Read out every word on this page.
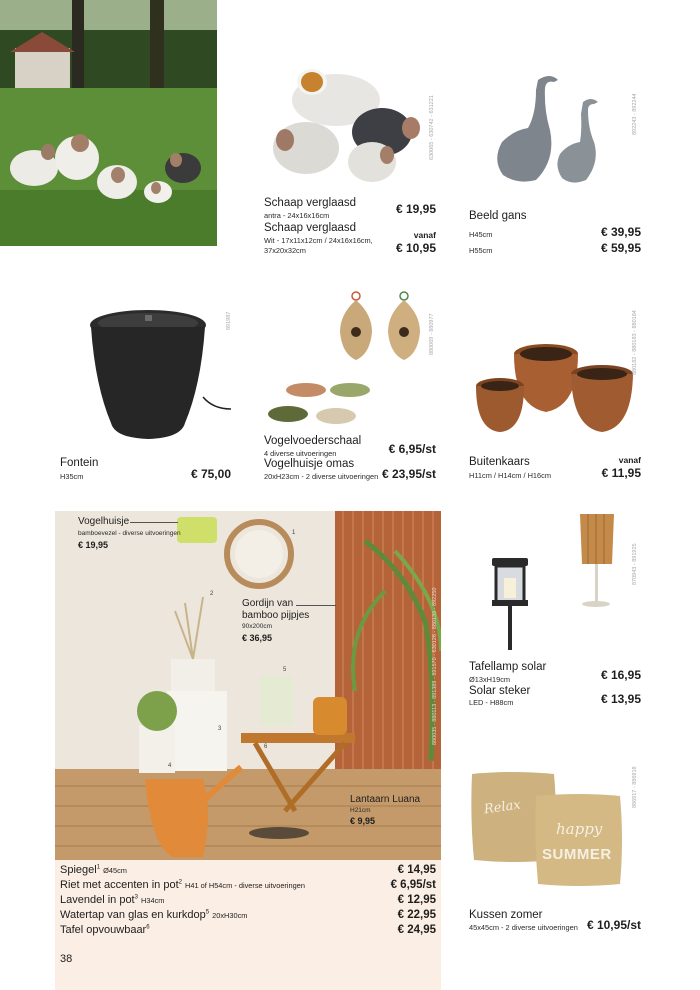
630065 - 630742 - 631221
Schaap verglaasd
antra - 24x16x16cm	€ 19,95
Schaap verglaasd
Wit - 17x11x12cm / 24x16x16cm,
37x20x32cm
vanaf
€ 10,95
892243 - 892244
Beeld gans
H45cm	€ 39,95
H55cm	€ 59,95
891987
Fontein
H35cm	€ 75,00
880069 - 880977
Vogelvoederschaal
4 diverse uitvoeringen	€ 6,95/st
Vogelhuisje omas
20xH23cm - 2 diverse uitvoeringen € 23,95/st
880182 - 880183 - 880184
Buitenkaars
H11cm / H14cm / H16cm
vanaf
€ 11,95
880035 - 880113 - 891389 - 891570 - 630126 - 880139 - 892250
Vogelhuisje
bamboevezel - diverse uitvoeringen
€ 19,95
Gordijn van
bamboo pijpjes
90x200cm
€ 36,95
Lantaarn Luana
H21cm
€ 9,95
1
2
3
4
5
6
Spiegel$^1$ Ø45cm	€ 14,95
Riet met accenten in pot$^2$ H41 of H54cm - diverse uitvoeringen	€ 6,95/st
Lavendel in pot$^3$ H34cm	€ 12,95
Watertap van glas en kurkdop$^5$ 20xH30cm	€ 22,95
Tafel opvouwbaar$^6$	€ 24,95
38
870943 - 891925
Tafellamp solar
Ø13xH19cm	€ 16,95
Solar steker
LED - H88cm	€ 13,95
Relax
happy
SUMMER
886917 - 886918
Kussen zomer
45x45cm - 2 diverse uitvoeringen € 10,95/st
